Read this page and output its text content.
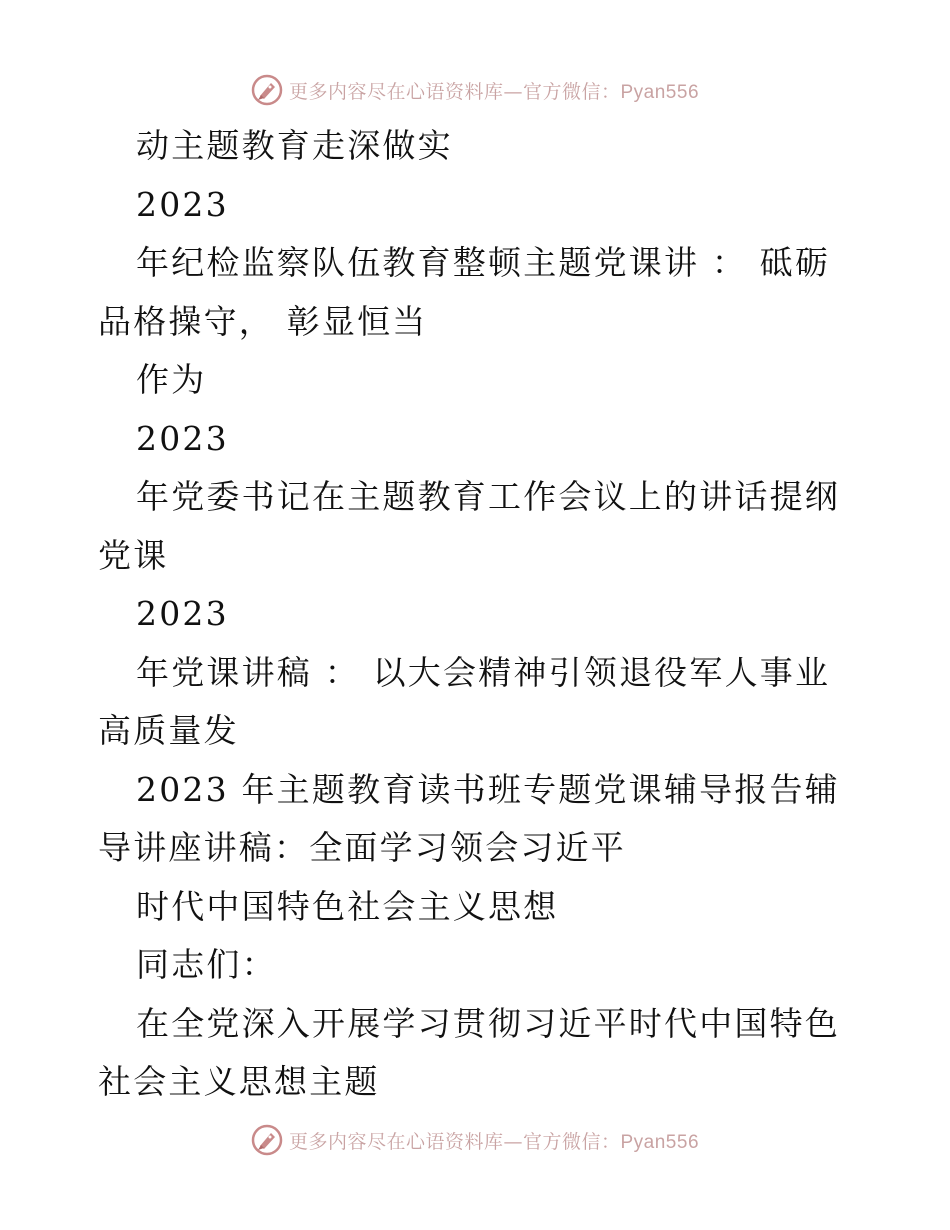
更多内容尽在心语资料库—官方微信：Pyan556

动主题教育走深做实

2023

年纪检监察队伍教育整顿主题党课讲 ： 砥砺品格操守， 彰显恒当

作为

2023

年党委书记在主题教育工作会议上的讲话提纲党课

2023

年党课讲稿 ： 以大会精神引领退役军人事业高质量发

2023 年主题教育读书班专题党课辅导报告辅导讲座讲稿：全面学习领会习近平

时代中国特色社会主义思想

同志们：

在全党深入开展学习贯彻习近平时代中国特色社会主义思想主题

更多内容尽在心语资料库—官方微信：Pyan556
